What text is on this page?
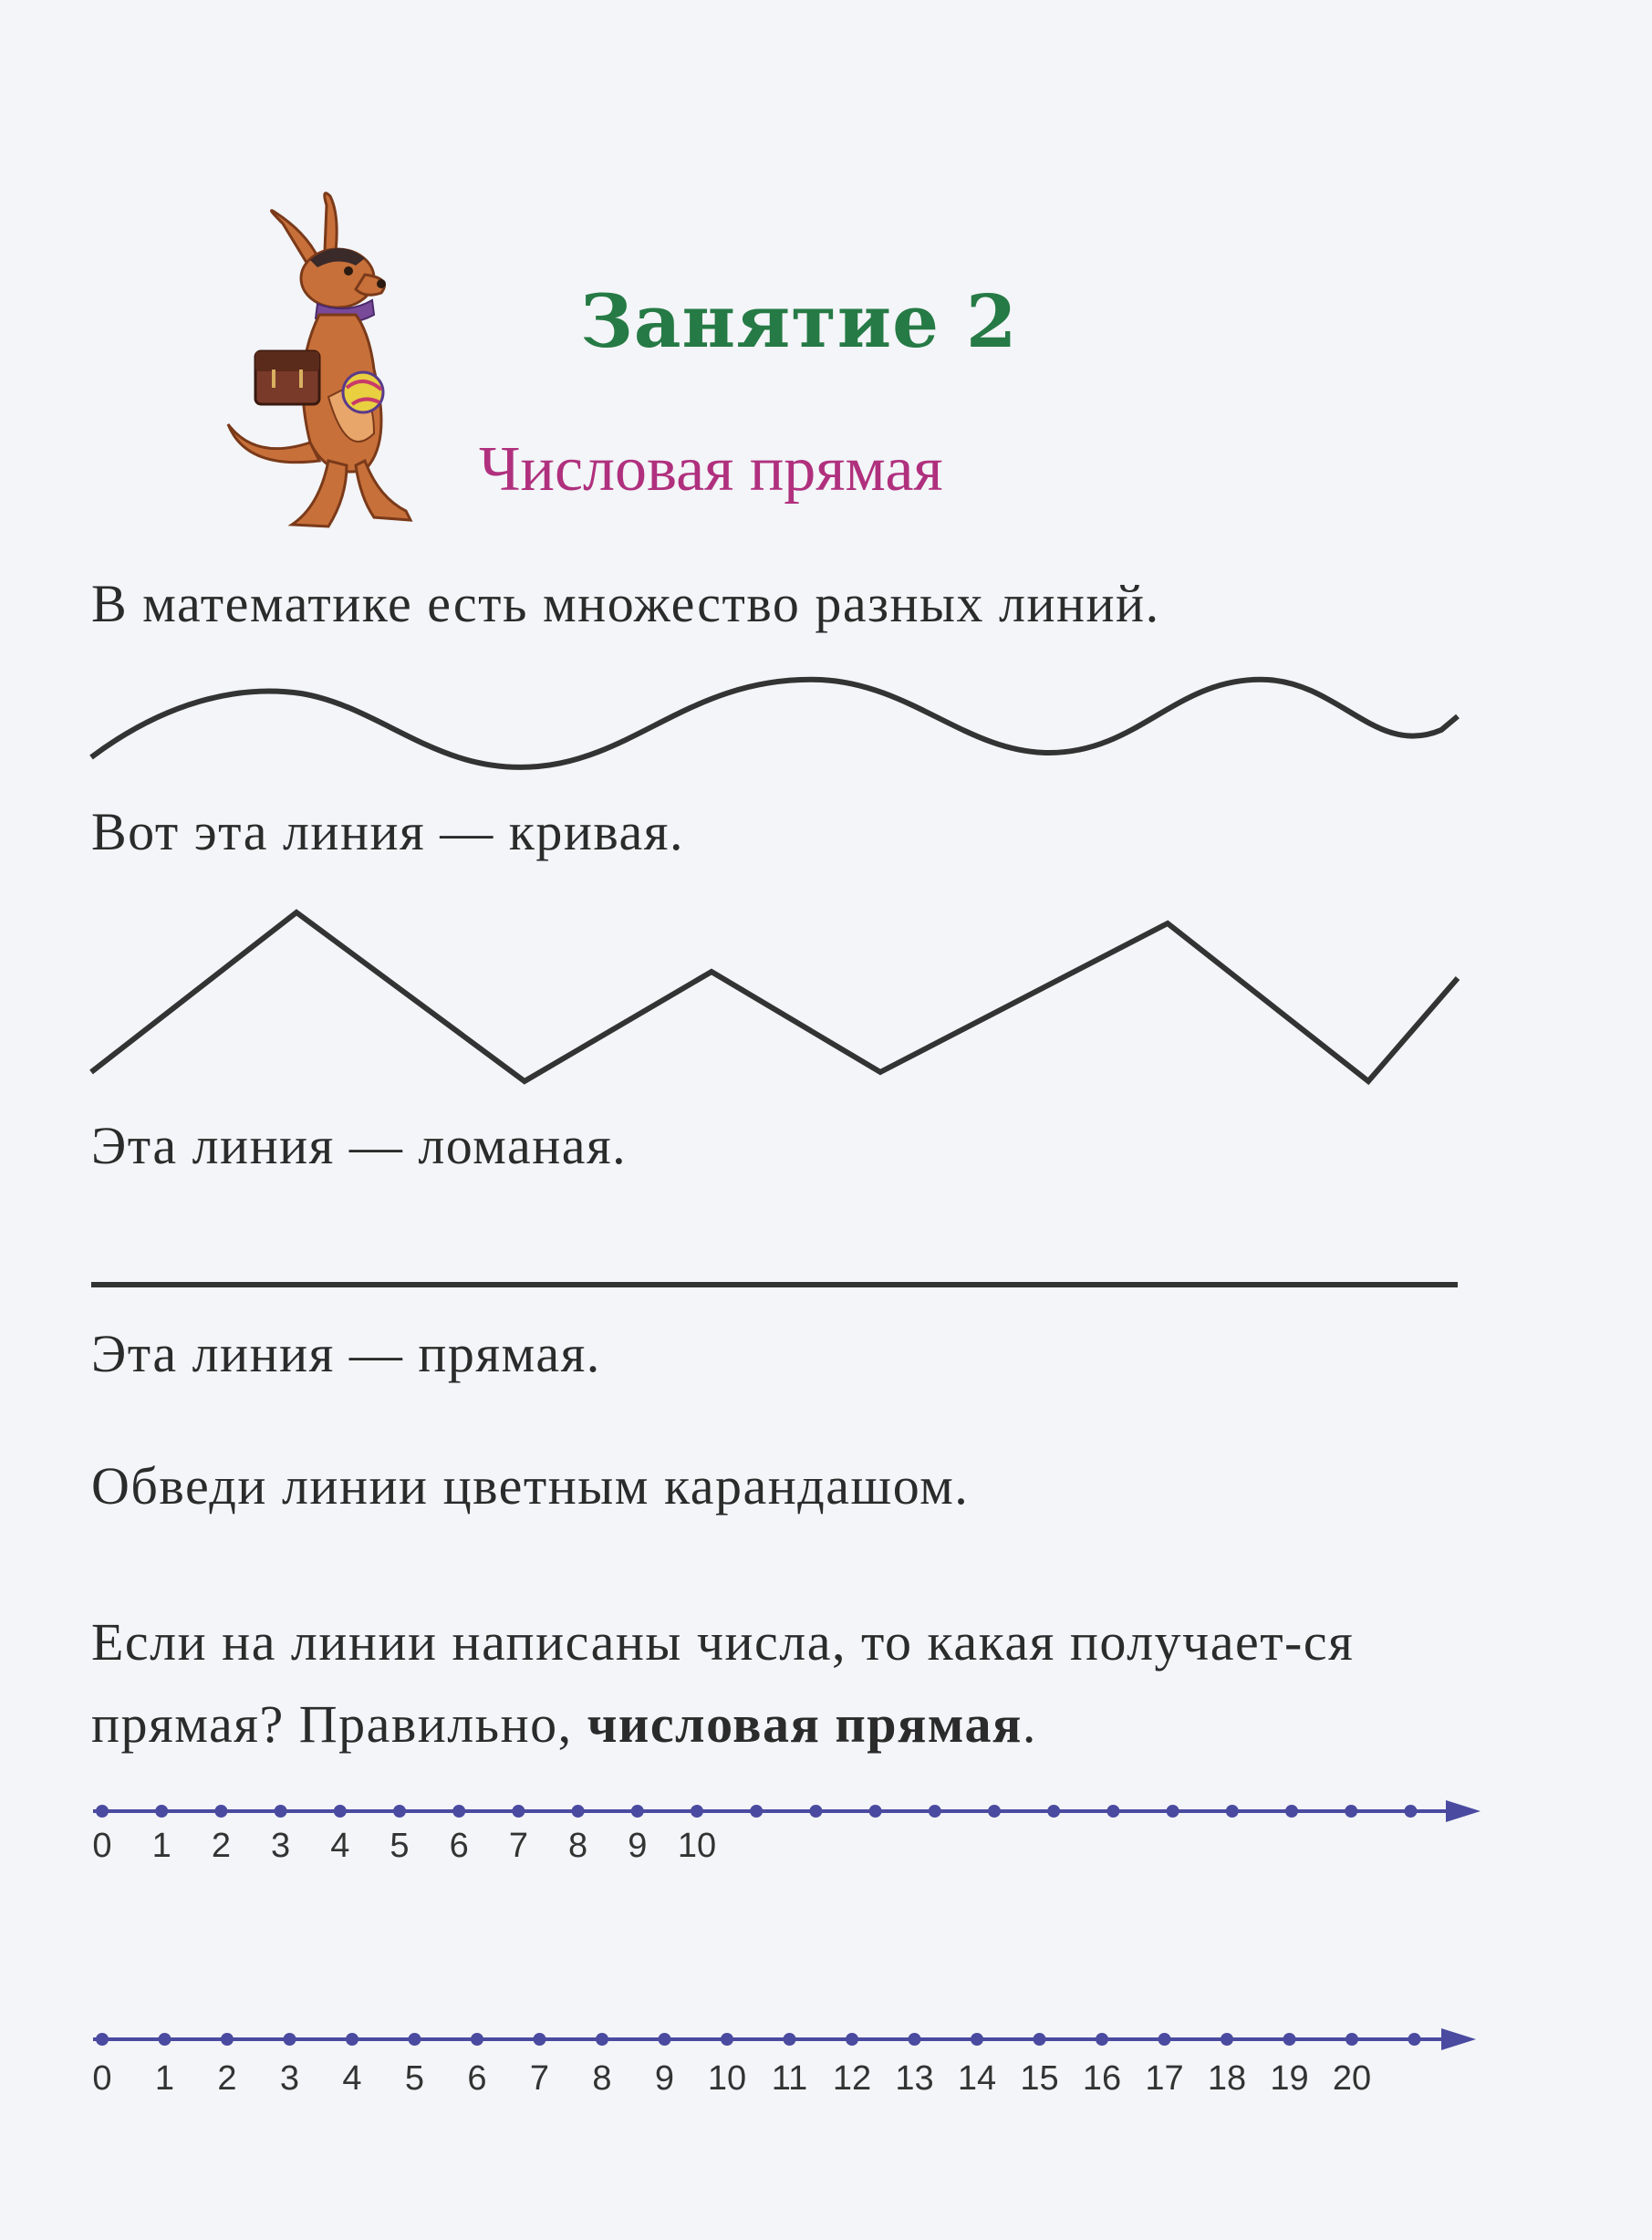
Занятие 2
Числовая прямая
В математике есть множество разных линий.
0 1 2 3 4 5 6 7 8 9 10
0 1 2 3 4 5 6 7 8 9 10 11 12 13 14 15 16 17 18 19 20
Вот эта линия — кривая.
Эта линия — ломаная.
Эта линия — прямая.
Обведи линии цветным карандашом.
Если на линии написаны числа, то какая получает-ся прямая? Правильно, числовая прямая.
